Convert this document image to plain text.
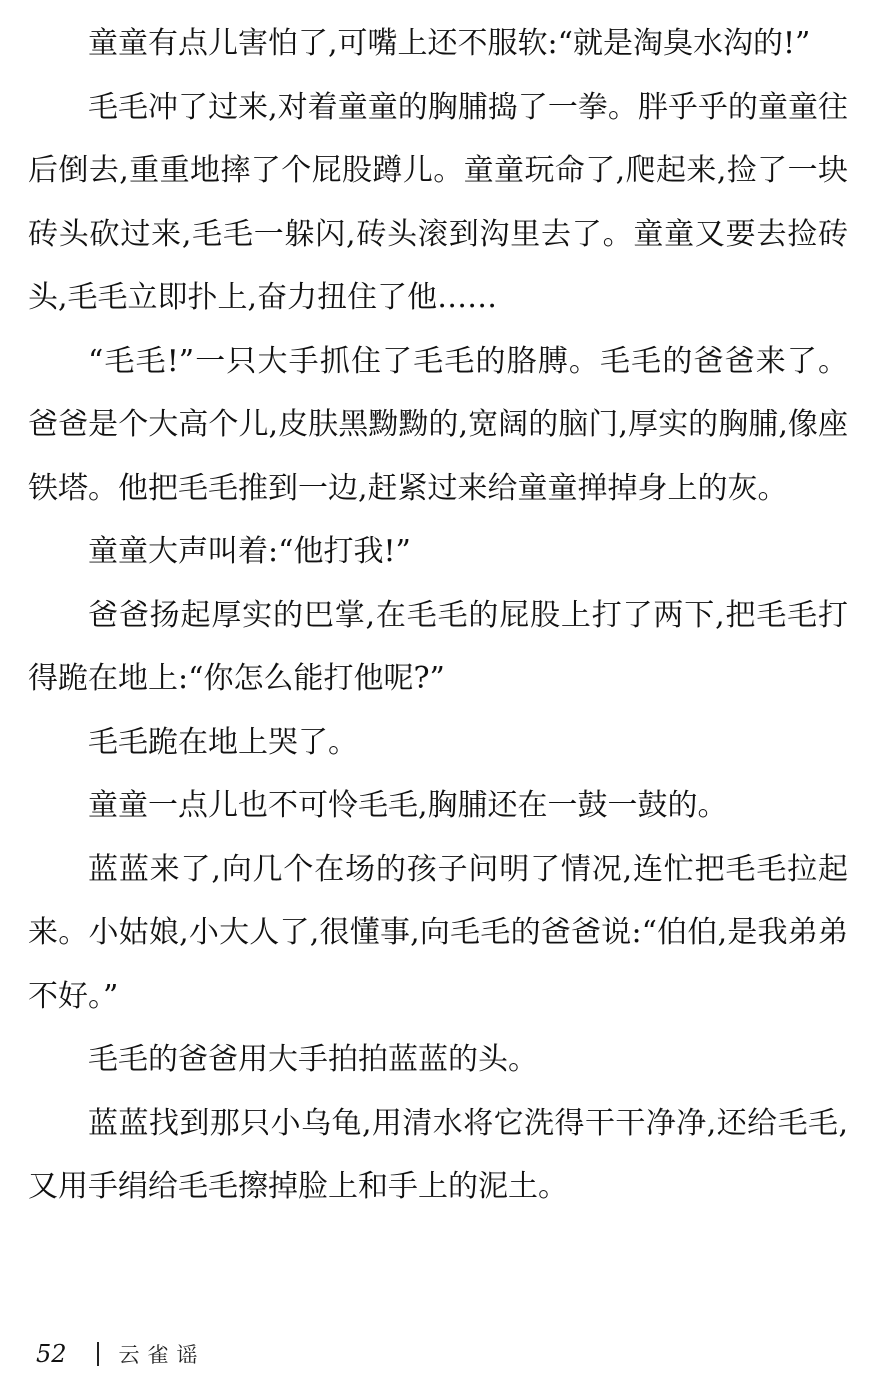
童童有点儿害怕了,可嘴上还不服软:“就是淘臭水沟的!”

毛毛冲了过来,对着童童的胸脯捣了一拳。胖乎乎的童童往后倒去,重重地摔了个屁股蹲儿。童童玩命了,爬起来,捡了一块砖头砍过来,毛毛一躲闪,砖头滚到沟里去了。童童又要去捡砖头,毛毛立即扑上,奋力扭住了他……

“毛毛!”一只大手抓住了毛毛的胳膊。毛毛的爸爸来了。爸爸是个大高个儿,皮肤黑黝黝的,宽阔的脑门,厚实的胸脯,像座铁塔。他把毛毛推到一边,赶紧过来给童童掸掉身上的灰。

童童大声叫着:“他打我!”

爸爸扬起厚实的巴掌,在毛毛的屁股上打了两下,把毛毛打得跪在地上:“你怎么能打他呢?”

毛毛跪在地上哭了。

童童一点儿也不可怜毛毛,胸脯还在一鼓一鼓的。

蓝蓝来了,向几个在场的孩子问明了情况,连忙把毛毛拉起来。小姑娘,小大人了,很懂事,向毛毛的爸爸说:“伯伯,是我弟弟不好。”

毛毛的爸爸用大手拍拍蓝蓝的头。

蓝蓝找到那只小乌龟,用清水将它洗得干干净净,还给毛毛,又用手绢给毛毛擦掉脸上和手上的泥土。

52 云雀谣
